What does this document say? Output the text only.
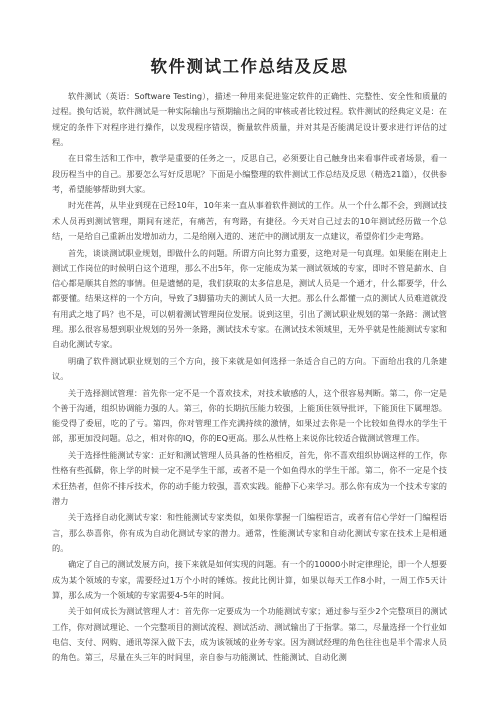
软件测试工作总结及反思

软件测试（英语：Software Testing），描述一种用来促进鉴定软件的正确性、完整性、安全性和质量的过程。换句话说，软件测试是一种实际输出与预期输出之间的审核或者比较过程。软件测试的经典定义是：在规定的条件下对程序进行操作，以发现程序错误，衡量软件质量，并对其是否能满足设计要求进行评估的过程。

在日常生活和工作中，教学是重要的任务之一，反思自己，必须要让自己触身出来看事件或者场景，看一段历程当中的自己。那要怎么写好反思呢？下面是小编整理的软件测试工作总结及反思（精选21篇），仅供参考，希望能够帮助到大家。

时光荏苒，从毕业到现在已经10年，10年来一直从事着软件测试的工作。从一个什么都不会，到测试技术人员再到测试管理，期间有迷茫，有痛苦，有弯路，有捷径。今天对自己过去的10年测试经历做一个总结，一是给自己重新出发增加动力，二是给刚入道的、迷茫中的测试朋友一点建议，希望你们少走弯路。

首先，谈谈测试职业规划，即做什么的问题。所谓方向比努力重要，这绝对是一句真理。如果能在刚走上测试工作岗位的时候明白这个道理，那么不出5年，你一定能成为某一测试领域的专家，即时不管是薪水、自信心都是顺其自然的事情。但是遗憾的是，我们获取的太多信息是，测试人员是一个通才，什么都要学，什么都要懂。结果这样的一个方向，导致了3脚猫功夫的测试人员一大把。那么什么都懂一点的测试人员难道就没有用武之地了吗？也不是，可以朝着测试管理岗位发展。说到这里，引出了测试职业规划的第一条路：测试管理。那么很容易想到职业规划的另外一条路，测试技术专家。在测试技术领域里，无外乎就是性能测试专家和自动化测试专家。

明确了软件测试职业规划的三个方向，接下来就是如何选择一条适合自己的方向。下面给出我的几条建议。

关于选择测试管理：首先你一定不是一个喜欢技术，对技术敏感的人，这个很容易判断。第二，你一定是个善于沟通，组织协调能力强的人。第三，你的长期抗压能力较强，上能顶住领导批评，下能顶住下属埋怨。能受得了委屈，吃的了亏。第四，你对管理工作充满持续的激情，如果过去你是一个比较如鱼得水的学生干部，那更加没问题。总之，相对你的IQ，你的EQ更高。那么从性格上来说你比较适合做测试管理工作。

关于选择性能测试专家：正好和测试管理人员具备的性格相反，首先，你不喜欢组织协调这样的工作，你性格有些孤僻，你上学的时候一定不是学生干部，或者不是一个如鱼得水的学生干部。第二，你不一定是个技术狂热者，但你不排斥技术，你的动手能力较强，喜欢实践。能静下心来学习。那么你有成为一个技术专家的潜力

关于选择自动化测试专家：和性能测试专家类似，如果你掌握一门编程语言，或者有信心学好一门编程语言，那么恭喜你，你有成为自动化测试专家的潜力。通常，性能测试专家和自动化测试专家在技术上是相通的。

确定了自己的测试发展方向，接下来就是如何实现的问题。有一个的10000小时定律理论，即一个人想要成为某个领域的专家，需要经过1万个小时的锤炼。按此比例计算，如果以每天工作8小时，一周工作5天计算，那么成为一个领域的专家需要4-5年的时间。

关于如何成长为测试管理人才：首先你一定要成为一个功能测试专家；通过参与至少2个完整项目的测试工作，你对测试理论、一个完整项目的测试流程、测试活动、测试输出了于指掌。第二，尽量选择一个行业如电信、支付、网购、通讯等深入做下去，成为该领域的业务专家。因为测试经理的角色往往也是半个需求人员的角色。第三，尽量在头三年的时间里，亲自参与功能测试、性能测试、自动化测
